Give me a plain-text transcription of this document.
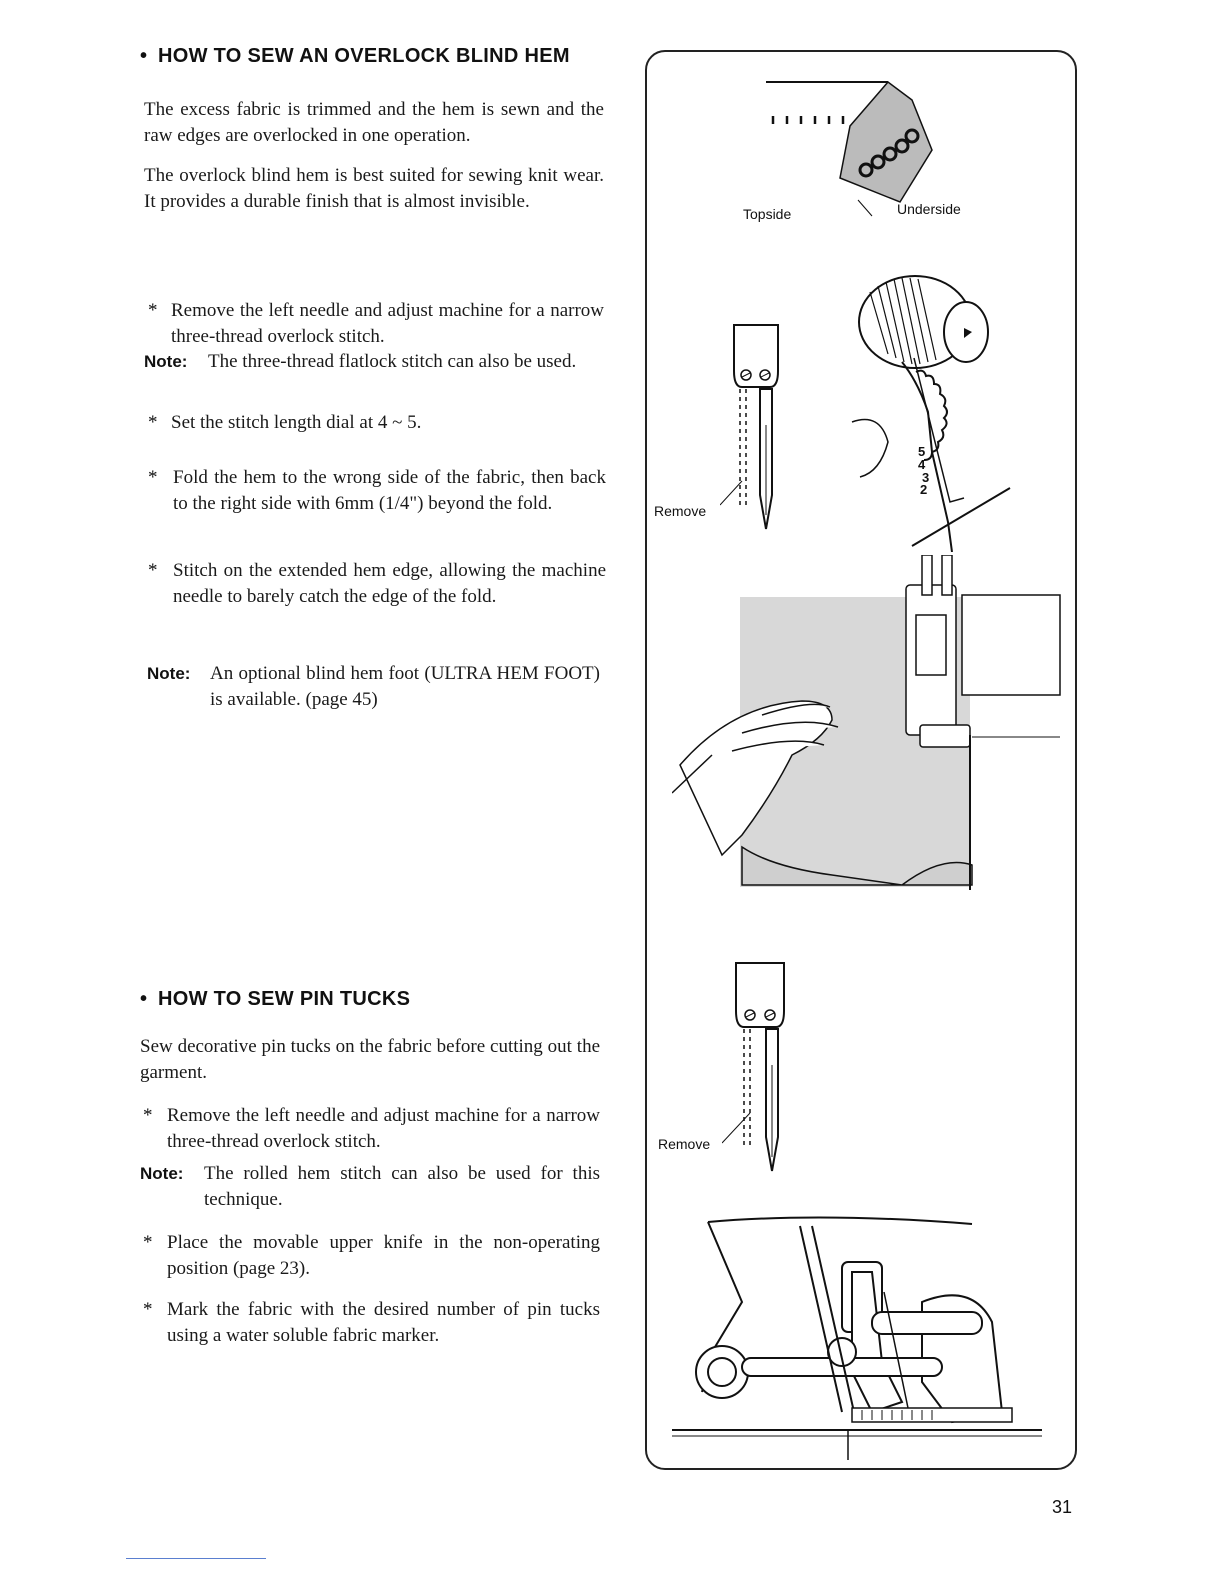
• HOW TO SEW AN OVERLOCK BLIND HEM

The excess fabric is trimmed and the hem is sewn and the raw edges are overlocked in one operation.

The overlock blind hem is best suited for sewing knit wear. It provides a durable finish that is almost invisible.

* Remove the left needle and adjust machine for a narrow three-thread overlock stitch.

Note: The three-thread flatlock stitch can also be used.

* Set the stitch length dial at 4 ~ 5.

* Fold the hem to the wrong side of the fabric, then back to the right side with 6mm (1/4") beyond the fold.

* Stitch on the extended hem edge, allowing the machine needle to barely catch the edge of the fold.

Note: An optional blind hem foot (ULTRA HEM FOOT) is available. (page 45)

• HOW TO SEW PIN TUCKS

Sew decorative pin tucks on the fabric before cutting out the garment.

* Remove the left needle and adjust machine for a narrow three-thread overlock stitch.

Note: The rolled hem stitch can also be used for this technique.

* Place the movable upper knife in the non-operating position (page 23).

* Mark the fabric with the desired number of pin tucks using a water soluble fabric marker.

Topside	Underside
Remove
5
4
3
2
Remove
31
